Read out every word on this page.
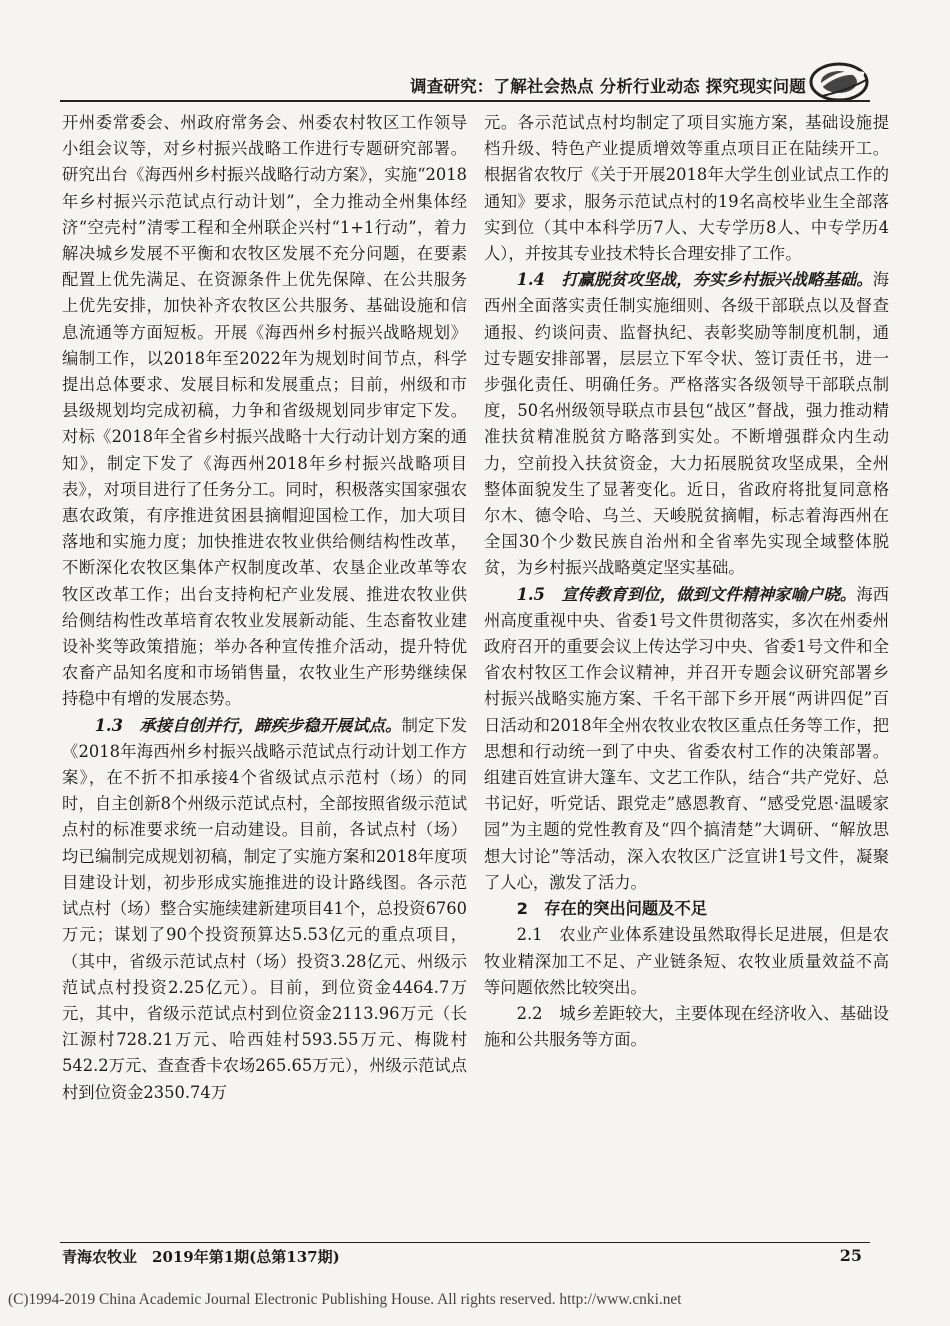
调查研究：了解社会热点 分析行业动态 探究现实问题

开州委常委会、州政府常务会、州委农村牧区工作领导小组会议等，对乡村振兴战略工作进行专题研究部署。研究出台《海西州乡村振兴战略行动方案》，实施“2018年乡村振兴示范试点行动计划”，全力推动全州集体经济“空壳村”清零工程和全州联企兴村“1+1行动”，着力解决城乡发展不平衡和农牧区发展不充分问题，在要素配置上优先满足、在资源条件上优先保障、在公共服务上优先安排，加快补齐农牧区公共服务、基础设施和信息流通等方面短板。开展《海西州乡村振兴战略规划》编制工作，以2018年至2022年为规划时间节点，科学提出总体要求、发展目标和发展重点；目前，州级和市县级规划均完成初稿，力争和省级规划同步审定下发。对标《2018年全省乡村振兴战略十大行动计划方案的通知》，制定下发了《海西州2018年乡村振兴战略项目表》，对项目进行了任务分工。同时，积极落实国家强农惠农政策，有序推进贫困县摘帽迎国检工作，加大项目落地和实施力度；加快推进农牧业供给侧结构性改革，不断深化农牧区集体产权制度改革、农垦企业改革等农牧区改革工作；出台支持枸杞产业发展、推进农牧业供给侧结构性改革培育农牧业发展新动能、生态畜牧业建设补奖等政策措施；举办各种宣传推介活动，提升特优农畜产品知名度和市场销售量，农牧业生产形势继续保持稳中有增的发展态势。

1.3　承接自创并行，蹄疾步稳开展试点。制定下发《2018年海西州乡村振兴战略示范试点行动计划工作方案》，在不折不扣承接4个省级试点示范村（场）的同时，自主创新8个州级示范试点村，全部按照省级示范试点村的标准要求统一启动建设。目前，各试点村（场）均已编制完成规划初稿，制定了实施方案和2018年度项目建设计划，初步形成实施推进的设计路线图。各示范试点村（场）整合实施续建新建项目41个，总投资6760万元；谋划了90个投资预算达5.53亿元的重点项目，（其中，省级示范试点村（场）投资3.28亿元、州级示范试点村投资2.25亿元）。目前，到位资金4464.7万元，其中，省级示范试点村到位资金2113.96万元（长江源村728.21万元、哈西娃村593.55万元、梅陇村542.2万元、查查香卡农场265.65万元），州级示范试点村到位资金2350.74万

元。各示范试点村均制定了项目实施方案，基础设施提档升级、特色产业提质增效等重点项目正在陆续开工。根据省农牧厅《关于开展2018年大学生创业试点工作的通知》要求，服务示范试点村的19名高校毕业生全部落实到位（其中本科学历7人、大专学历8人、中专学历4人），并按其专业技术特长合理安排了工作。

1.4　打赢脱贫攻坚战，夯实乡村振兴战略基础。海西州全面落实责任制实施细则、各级干部联点以及督查通报、约谈问责、监督执纪、表彰奖励等制度机制，通过专题安排部署，层层立下军令状、签订责任书，进一步强化责任、明确任务。严格落实各级领导干部联点制度，50名州级领导联点市县包“战区”督战，强力推动精准扶贫精准脱贫方略落到实处。不断增强群众内生动力，空前投入扶贫资金，大力拓展脱贫攻坚成果，全州整体面貌发生了显著变化。近日，省政府将批复同意格尔木、德令哈、乌兰、天峻脱贫摘帽，标志着海西州在全国30个少数民族自治州和全省率先实现全域整体脱贫，为乡村振兴战略奠定坚实基础。

1.5　宣传教育到位，做到文件精神家喻户晓。海西州高度重视中央、省委1号文件贯彻落实，多次在州委州政府召开的重要会议上传达学习中央、省委1号文件和全省农村牧区工作会议精神，并召开专题会议研究部署乡村振兴战略实施方案、千名干部下乡开展“两讲四促”百日活动和2018年全州农牧业农牧区重点任务等工作，把思想和行动统一到了中央、省委农村工作的决策部署。组建百姓宣讲大篷车、文艺工作队，结合“共产党好、总书记好，听党话、跟党走”感恩教育、“感受党恩·温暖家园”为主题的党性教育及“四个搞清楚”大调研、“解放思想大讨论”等活动，深入农牧区广泛宣讲1号文件，凝聚了人心，激发了活力。

2　存在的突出问题及不足

2.1　农业产业体系建设虽然取得长足进展，但是农牧业精深加工不足、产业链条短、农牧业质量效益不高等问题依然比较突出。

2.2　城乡差距较大，主要体现在经济收入、基础设施和公共服务等方面。

青海农牧业　2019年第1期(总第137期)	25
(C)1994-2019 China Academic Journal Electronic Publishing House. All rights reserved. http://www.cnki.net
